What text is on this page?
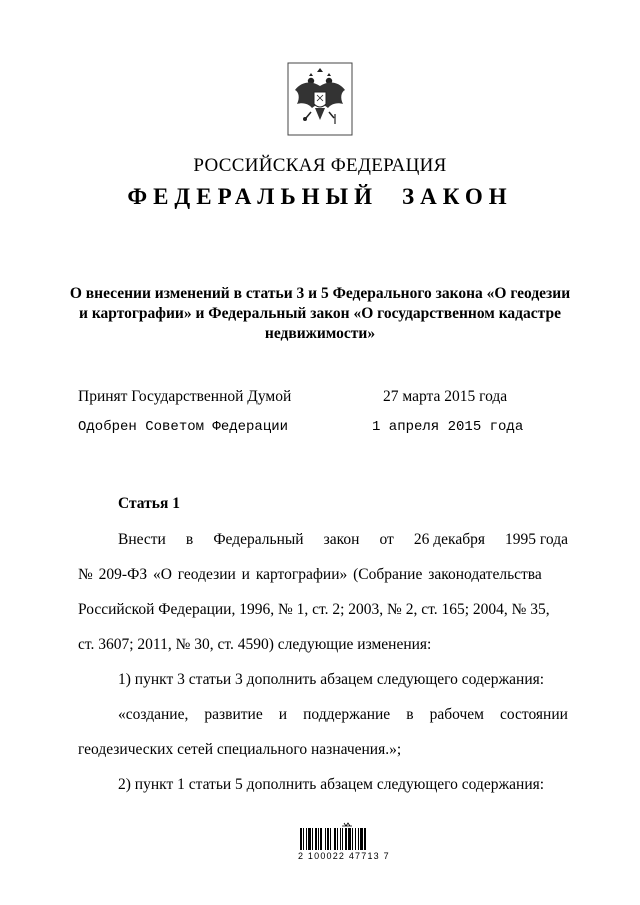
РОССИЙСКАЯ ФЕДЕРАЦИЯ
ФЕДЕРАЛЬНЫЙ ЗАКОН
О внесении изменений в статьи 3 и 5 Федерального закона «О геодезии
и картографии» и Федеральный закон «О государственном кадастре
недвижимости»
Принят Государственной Думой	27 марта 2015 года
Одобрен Советом Федерации	1 апреля 2015 года
Статья 1
Внести в Федеральный закон от 26 декабря 1995 года
№ 209-ФЗ «О геодезии и картографии» (Собрание законодательства
Российской Федерации, 1996, № 1, ст. 2; 2003, № 2, ст. 165; 2004, № 35,
ст. 3607; 2011, № 30, ст. 4590) следующие изменения:
1) пункт 3 статьи 3 дополнить абзацем следующего содержания:
«создание, развитие и поддержание в рабочем состоянии
геодезических сетей специального назначения.»;
2) пункт 1 статьи 5 дополнить абзацем следующего содержания:
2 100022 47713 7
